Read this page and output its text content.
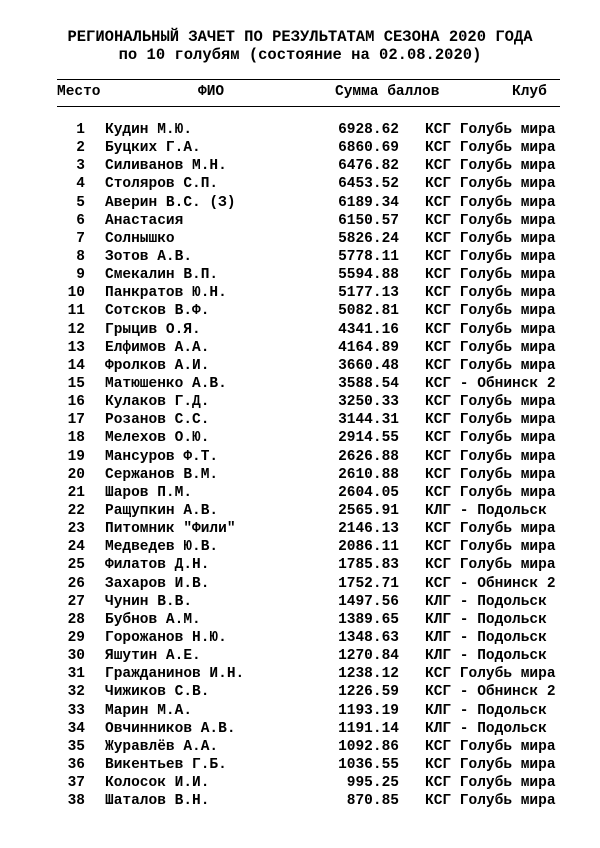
РЕГИОНАЛЬНЫЙ ЗАЧЕТ ПО РЕЗУЛЬТАТАМ СЕЗОНА 2020 ГОДА
по 10 голубям (состояние на 02.08.2020)
Место	ФИО	Сумма баллов	Клуб
1 Кудин М.Ю.	6928.62 КСГ Голубь мира
2 Буцких Г.А.	6860.69 КСГ Голубь мира
3 Силиванов М.Н.	6476.82 КСГ Голубь мира
4 Столяров С.П.	6453.52 КСГ Голубь мира
5 Аверин В.С. (З)	6189.34 КСГ Голубь мира
6 Анастасия	6150.57 КСГ Голубь мира
7 Солнышко	5826.24 КСГ Голубь мира
8 Зотов А.В.	5778.11 КСГ Голубь мира
9 Смекалин В.П.	5594.88 КСГ Голубь мира
10 Панкратов Ю.Н.	5177.13 КСГ Голубь мира
11 Сотсков В.Ф.	5082.81 КСГ Голубь мира
12 Грыцив О.Я.	4341.16 КСГ Голубь мира
13 Елфимов А.А.	4164.89 КСГ Голубь мира
14 Фролков А.И.	3660.48 КСГ Голубь мира
15 Матюшенко А.В.	3588.54 КСГ - Обнинск 2
16 Кулаков Г.Д.	3250.33 КСГ Голубь мира
17 Розанов С.С.	3144.31 КСГ Голубь мира
18 Мелехов О.Ю.	2914.55 КСГ Голубь мира
19 Мансуров Ф.Т.	2626.88 КСГ Голубь мира
20 Сержанов В.М.	2610.88 КСГ Голубь мира
21 Шаров П.М.	2604.05 КСГ Голубь мира
22 Ращупкин А.В.	2565.91 КЛГ - Подольск
23 Питомник "Фили"	2146.13 КСГ Голубь мира
24 Медведев Ю.В.	2086.11 КСГ Голубь мира
25 Филатов Д.Н.	1785.83 КСГ Голубь мира
26 Захаров И.В.	1752.71 КСГ - Обнинск 2
27 Чунин В.В.	1497.56 КЛГ - Подольск
28 Бубнов А.М.	1389.65 КЛГ - Подольск
29 Горожанов Н.Ю.	1348.63 КЛГ - Подольск
30 Яшутин А.Е.	1270.84 КЛГ - Подольск
31 Гражданинов И.Н.	1238.12 КСГ Голубь мира
32 Чижиков С.В.	1226.59 КСГ - Обнинск 2
33 Марин М.А.	1193.19 КЛГ - Подольск
34 Овчинников А.В.	1191.14 КЛГ - Подольск
35 Журавлёв А.А.	1092.86 КСГ Голубь мира
36 Викентьев Г.Б.	1036.55 КСГ Голубь мира
37 Колосок И.И.	995.25 КСГ Голубь мира
38 Шаталов В.Н.	870.85 КСГ Голубь мира
